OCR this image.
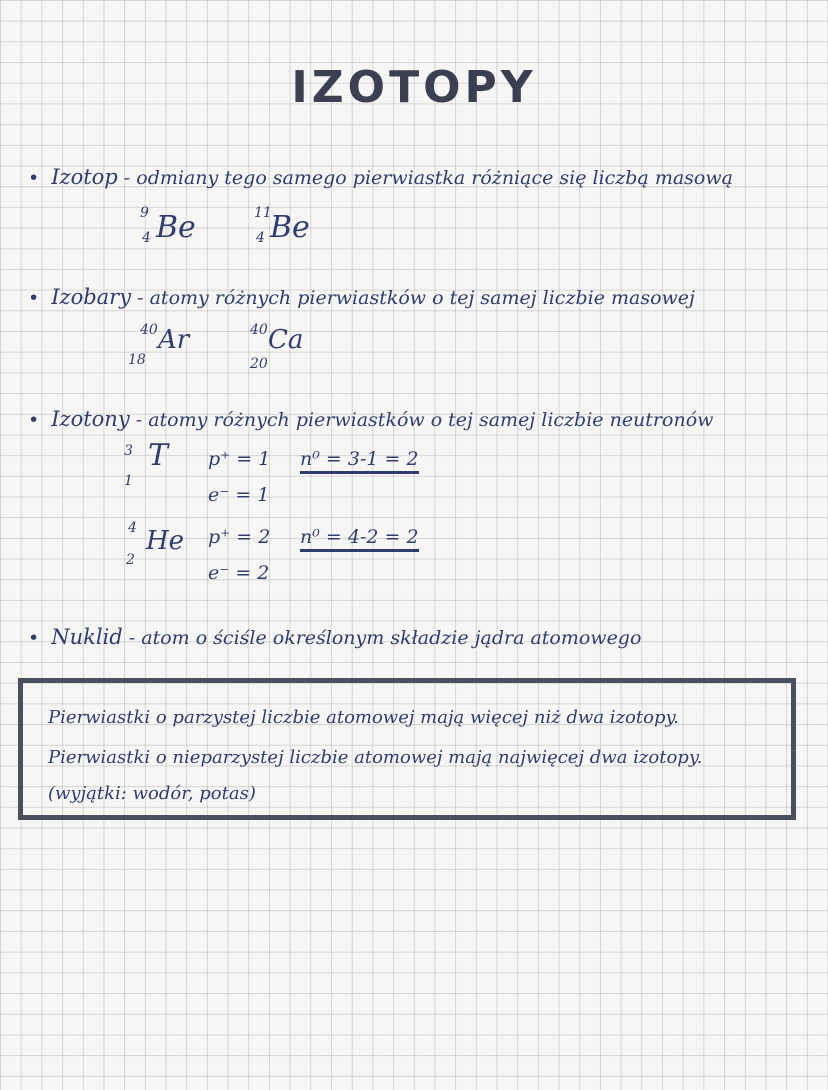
IZOTOPY
• Izotop - odmiany tego samego pierwiastka różniące się liczbą masową
9
4 Be	11
4 Be
• Izobary - atomy różnych pierwiastków o tej samej liczbie masowej
40
18
Ar	40
20
Ca
• Izotony - atomy różnych pierwiastków o tej samej liczbie neutronów
3
1
T p⁺ = 1
e⁻ = 1
n⁰ = 3-1 = 2
4
2
He p⁺ = 2
e⁻ = 2
n⁰ = 4-2 = 2
• Nuklid - atom o ściśle określonym składzie jądra atomowego
Pierwiastki o parzystej liczbie atomowej mają więcej niż dwa izotopy.
Pierwiastki o nieparzystej liczbie atomowej mają najwięcej dwa izotopy.
(wyjątki: wodór, potas)
